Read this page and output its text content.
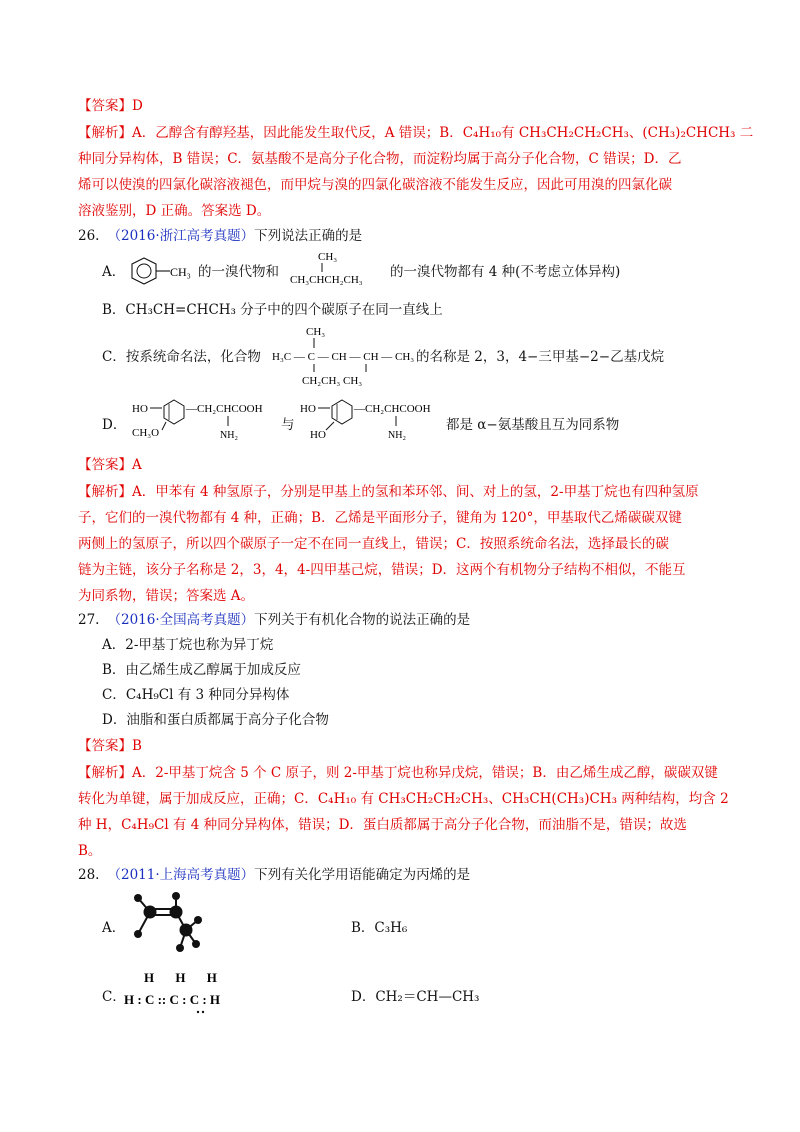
【答案】D
【解析】A．乙醇含有醇羟基，因此能发生取代反，A 错误；B．C₄H₁₀有 CH₃CH₂CH₂CH₃、(CH₃)₂CHCH₃ 二
种同分异构体，B 错误；C．氨基酸不是高分子化合物，而淀粉均属于高分子化合物，C 错误；D．乙
烯可以使溴的四氯化碳溶液褪色，而甲烷与溴的四氯化碳溶液不能发生反应，因此可用溴的四氯化碳
溶液鉴别，D 正确。答案选 D。
26. （2016·浙江高考真题）下列说法正确的是
A．	CH₃ 的一溴代物和
CH₃
CH₃CHCH₂CH₃ 的一溴代物都有 4 种(不考虑立体异构)
B．CH₃CH=CHCH₃ 分子中的四个碳原子在同一直线上
C．按系统命名法，化合物
CH₃
H₃C — C — CH — CH — CH₃
CH₂CH₃ CH₃
的名称是 2，3，4−三甲基−2−乙基戊烷
D．
HO
CH₃O
—CH₂CHCOOH
NH₂
与
HO
HO
—CH₂CHCOOH
NH₂
都是 α−氨基酸且互为同系物
【答案】A
【解析】A．甲苯有 4 种氢原子，分别是甲基上的氢和苯环邻、间、对上的氢，2-甲基丁烷也有四种氢原
子，它们的一溴代物都有 4 种，正确；B．乙烯是平面形分子，键角为 120°，甲基取代乙烯碳碳双键
两侧上的氢原子，所以四个碳原子一定不在同一直线上，错误；C．按照系统命名法，选择最长的碳
链为主链，该分子名称是 2，3，4，4-四甲基己烷，错误；D．这两个有机物分子结构不相似，不能互
为同系物，错误；答案选 A。
27. （2016·全国高考真题）下列关于有机化合物的说法正确的是
A．2-甲基丁烷也称为异丁烷
B．由乙烯生成乙醇属于加成反应
C．C₄H₉Cl 有 3 种同分异构体
D．油脂和蛋白质都属于高分子化合物
【答案】B
【解析】A．2-甲基丁烷含 5 个 C 原子，则 2-甲基丁烷也称异戊烷，错误；B．由乙烯生成乙醇，碳碳双键
转化为单键，属于加成反应，正确；C．C₄H₁₀ 有 CH₃CH₂CH₂CH₃、CH₃CH(CH₃)CH₃ 两种结构，均含 2
种 H，C₄H₉Cl 有 4 种同分异构体，错误；D．蛋白质都属于高分子化合物，而油脂不是，错误；故选
B。
28. （2011·上海高考真题）下列有关化学用语能确定为丙烯的是
A．	B．C₃H₆
C．
H H H
H : C :: C : C : H	D．CH₂＝CH—CH₃
